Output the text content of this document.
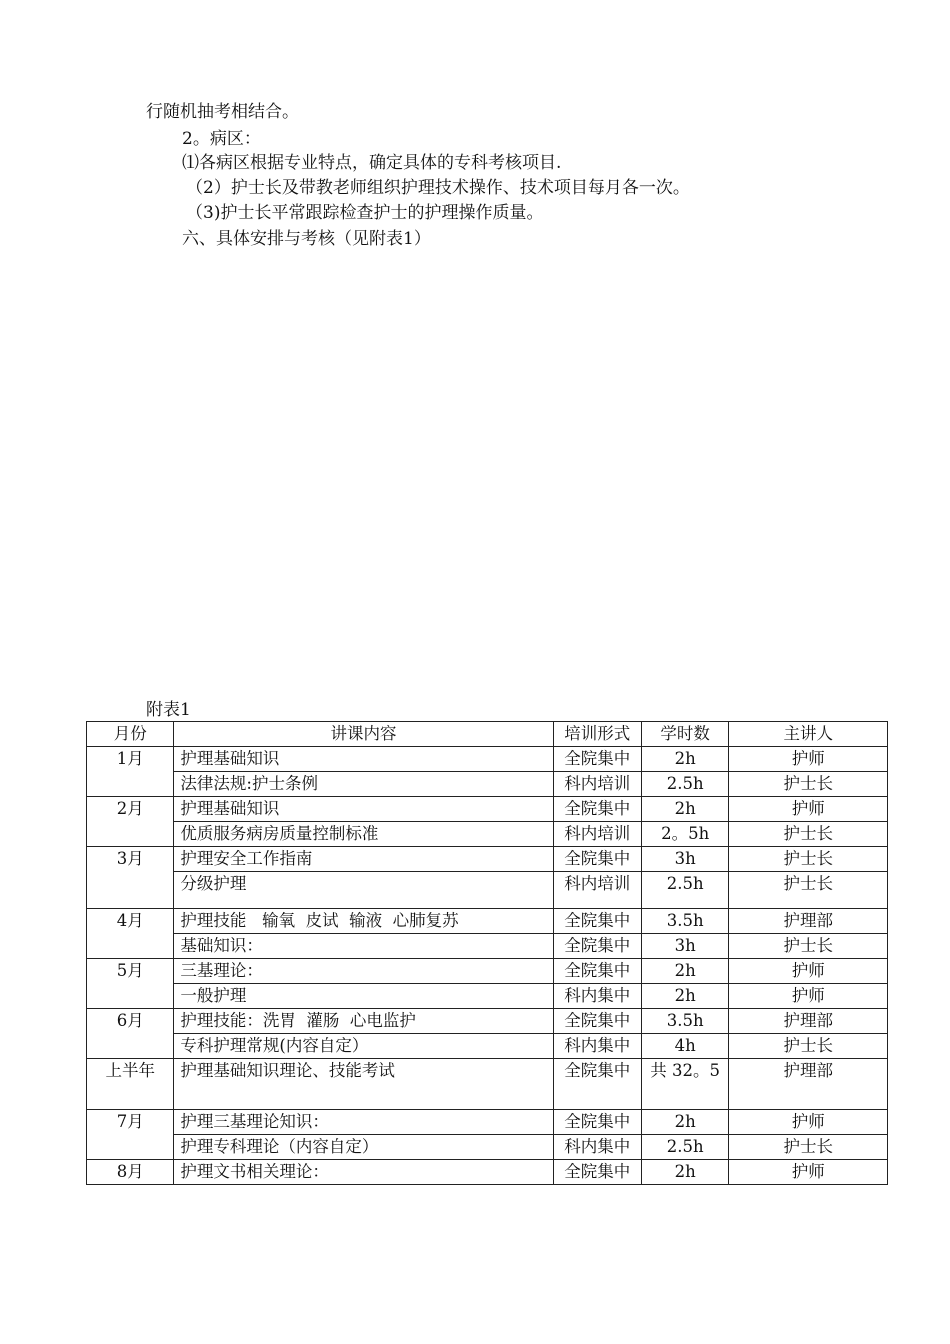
行随机抽考相结合。
2。病区：
⑴各病区根据专业特点，确定具体的专科考核项目.
（2）护士长及带教老师组织护理技术操作、技术项目每月各一次。
（3)护士长平常跟踪检查护士的护理操作质量。
六、具体安排与考核（见附表1）
附表1
月份	讲课内容	培训形式	学时数	主讲人
1月	护理基础知识	全院集中	2h	护师
	法律法规:护士条例	科内培训	2.5h	护士长
2月	护理基础知识	全院集中	2h	护师
	优质服务病房质量控制标准	科内培训	2。5h	护士长
3月	护理安全工作指南	全院集中	3h	护士长
	分级护理	科内培训	2.5h	护士长
4月	护理技能   输氧  皮试  输液  心肺复苏	全院集中	3.5h	护理部
	基础知识：	全院集中	3h	护士长
5月	三基理论：	全院集中	2h	护师
	一般护理	科内集中	2h	护师
6月	护理技能：洗胃  灌肠  心电监护	全院集中	3.5h	护理部
	专科护理常规(内容自定）	科内集中	4h	护士长
上半年	护理基础知识理论、技能考试	全院集中	共 32。5	护理部
7月	护理三基理论知识：	全院集中	2h	护师
	护理专科理论（内容自定）	科内集中	2.5h	护士长
8月	护理文书相关理论：	全院集中	2h	护师
